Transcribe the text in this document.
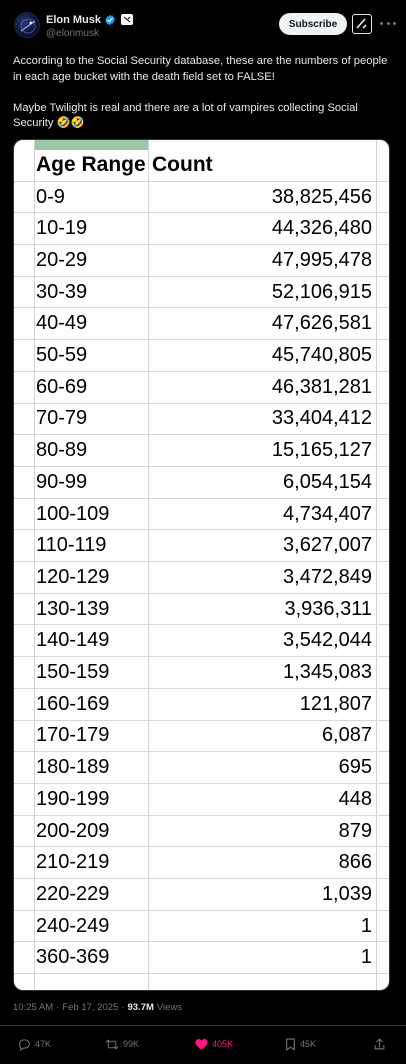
Elon Musk
@elonmusk
Subscribe

According to the Social Security database, these are the numbers of people in each age bucket with the death field set to FALSE!

Maybe Twilight is real and there are a lot of vampires collecting Social Security 🤣🤣

Age Range Count
0-9	38,825,456
10-19	44,326,480
20-29	47,995,478
30-39	52,106,915
40-49	47,626,581
50-59	45,740,805
60-69	46,381,281
70-79	33,404,412
80-89	15,165,127
90-99	6,054,154
100-109	4,734,407
110-119	3,627,007
120-129	3,472,849
130-139	3,936,311
140-149	3,542,044
150-159	1,345,083
160-169	121,807
170-179	6,087
180-189	695
190-199	448
200-209	879
210-219	866
220-229	1,039
240-249	1
360-369	1
10:25 AM · Feb 17, 2025 · 93.7M Views
47K	99K	405K	45K
